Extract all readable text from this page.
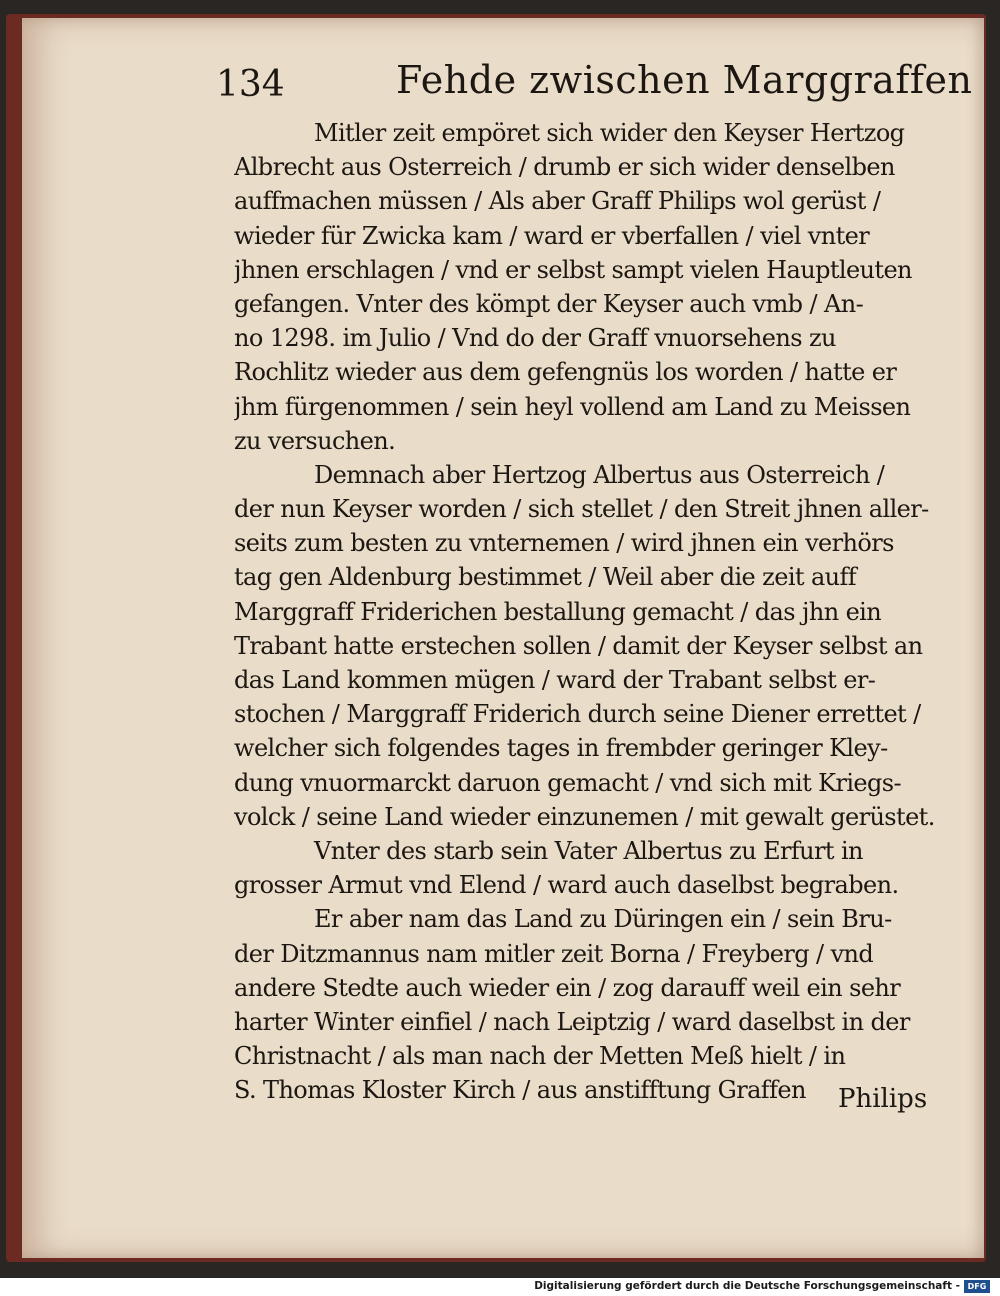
134	Fehde zwischen Marggraffen
Mitler zeit empöret sich wider den Keyser Hertzog
Albrecht aus Osterreich / drumb er sich wider denselben
auffmachen müssen / Als aber Graff Philips wol gerüst /
wieder für Zwicka kam / ward er vberfallen / viel vnter
jhnen erschlagen / vnd er selbst sampt vielen Hauptleuten
gefangen. Vnter des kömpt der Keyser auch vmb / An-
no 1298. im Julio / Vnd do der Graff vnuorsehens zu
Rochlitz wieder aus dem gefengnüs los worden / hatte er
jhm fürgenommen / sein heyl vollend am Land zu Meissen
zu versuchen.
Demnach aber Hertzog Albertus aus Osterreich /
der nun Keyser worden / sich stellet / den Streit jhnen aller-
seits zum besten zu vnternemen / wird jhnen ein verhörs
tag gen Aldenburg bestimmet / Weil aber die zeit auff
Marggraff Friderichen bestallung gemacht / das jhn ein
Trabant hatte erstechen sollen / damit der Keyser selbst an
das Land kommen mügen / ward der Trabant selbst er-
stochen / Marggraff Friderich durch seine Diener errettet /
welcher sich folgendes tages in frembder geringer Kley-
dung vnuormarckt daruon gemacht / vnd sich mit Kriegs-
volck / seine Land wieder einzunemen / mit gewalt gerüstet.
Vnter des starb sein Vater Albertus zu Erfurt in
grosser Armut vnd Elend / ward auch daselbst begraben.
Er aber nam das Land zu Düringen ein / sein Bru-
der Ditzmannus nam mitler zeit Borna / Freyberg / vnd
andere Stedte auch wieder ein / zog darauff weil ein sehr
harter Winter einfiel / nach Leiptzig / ward daselbst in der
Christnacht / als man nach der Metten Meß hielt / in
S. Thomas Kloster Kirch / aus anstifftung Graffen	Philips
Digitalisierung gefördert durch die Deutsche Forschungsgemeinschaft - DFG
